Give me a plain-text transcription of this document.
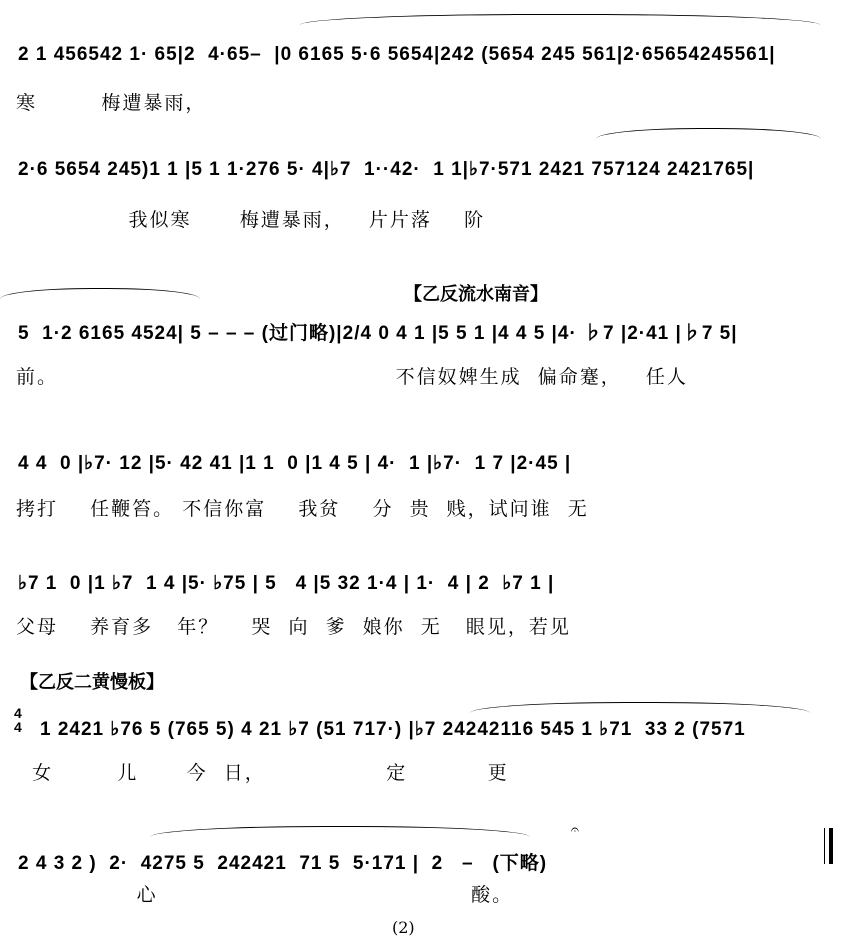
2 1 456542 1· 65|2  4·65–  |0 6165 5·6 5654|242 (5654 245 561|2·65654245561|
寒        梅遭暴雨，
2·6 5654 245)1 1 |5 1 1·276 5· 4|♭7  1··42·  1 1|♭7·571 2421 757124 2421765|
我似寒      梅遭暴雨，   片片落    阶
【乙反流水南音】
5  1·2 6165 4524| 5 – – – (过门略)|2/4 0 4 1 |5 5 1 |4 4 5 |4· ♭7 |2·41 |♭7 5|
前。                                          不信奴婢生成  偏命蹇，   任人
4 4  0 |♭7· 12 |5· 42 41 |1 1  0 |1 4 5 | 4·  1 |♭7·  1 7 |2·45 |
拷打    任鞭笞。 不信你富    我贫    分  贵  贱，试问谁  无
♭7 1  0 |1 ♭7  1 4 |5· ♭75 | 5   4 |5 32 1·4 | 1·  4 | 2  ♭7 1 |
父母    养育多   年？    哭  向  爹  娘你  无   眼见，若见
【乙反二黄慢板】
4
4 1 2421 ♭76 5 (765 5) 4 21 ♭7 (51 717·) |♭7 24242116 545 1 ♭71  33 2 (7571
女        儿      今  日，               定          更
𝄐
2 4 3 2 )  2·  4275 5  242421  71 5  5·171 |  2   –   (下略)
心                                       酸。
(2)
